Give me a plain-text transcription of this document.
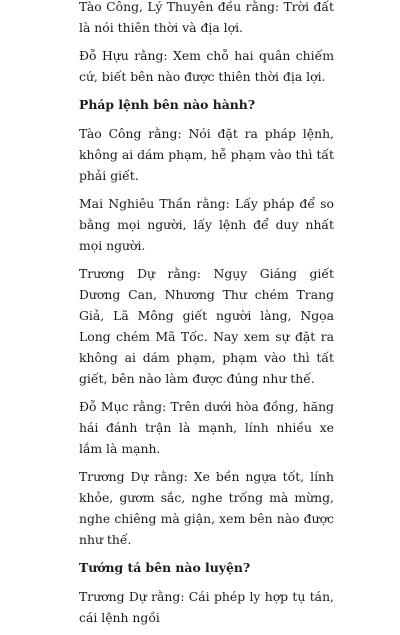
Tào Công, Lý Thuyên đều rằng: Trời đất là nói thiên thời và địa lợi.

Đỗ Hựu rằng: Xem chỗ hai quân chiếm cứ, biết bên nào được thiên thời địa lợi.

Pháp lệnh bên nào hành?

Tào Công rằng: Nói đặt ra pháp lệnh, không ai dám phạm, hễ phạm vào thì tất phải giết.

Mai Nghiêu Thần rằng: Lấy pháp để so bằng mọi người, lấy lệnh để duy nhất mọi người.

Trương Dự rằng: Ngụy Giáng giết Dương Can, Nhương Thư chém Trang Giả, Lã Mông giết người làng, Ngọa Long chém Mã Tốc. Nay xem sự đặt ra không ai dám phạm, phạm vào thì tất giết, bên nào làm được đúng như thế.

Đỗ Mục rằng: Trên dưới hòa đồng, hăng hái đánh trận là mạnh, lính nhiều xe lắm là mạnh.

Trương Dự rằng: Xe bền ngựa tốt, lính khỏe, gươm sắc, nghe trống mà mừng, nghe chiêng mà giận, xem bên nào được như thế.

Tướng tá bên nào luyện?

Trương Dự rằng: Cái phép ly hợp tụ tán, cái lệnh ngồi
